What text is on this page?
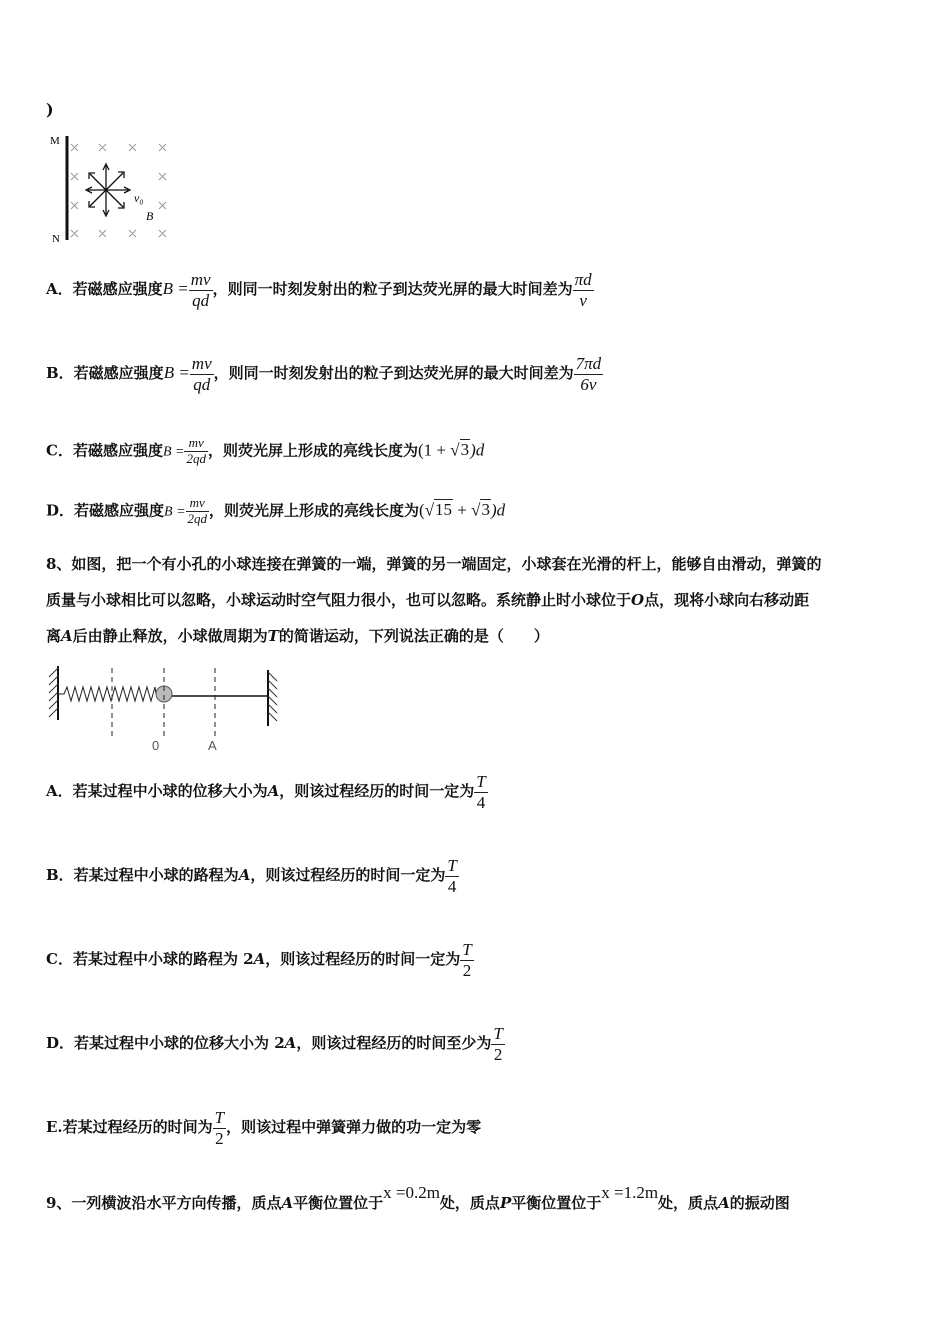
)
M
N
v₀
B
A．若磁感应强度$B = \frac{mv}{qd}$ ，则同一时刻发射出的粒子到达荧光屏的最大时间差为 $\frac{\pi d}{v}$
B．若磁感应强度$B = \frac{mv}{qd}$ ，则同一时刻发射出的粒子到达荧光屏的最大时间差为 $\frac{7\pi d}{6v}$
C．若磁感应强度$B = \frac{mv}{2qd}$ ，则荧光屏上形成的亮线长度为(1 + √3)d
D．若磁感应强度$B = \frac{mv}{2qd}$ ，则荧光屏上形成的亮线长度为(√15 + √3)d
8、如图，把一个有小孔的小球连接在弹簧的一端，弹簧的另一端固定，小球套在光滑的杆上，能够自由滑动，弹簧的
质量与小球相比可以忽略，小球运动时空气阻力很小，也可以忽略。系统静止时小球位于O点，现将小球向右移动距
离A后由静止释放，小球做周期为T的简谐运动，下列说法正确的是（　　）
0	A
A．若某过程中小球的位移大小为A，则该过程经历的时间一定为 $\frac{T}{4}$
B．若某过程中小球的路程为A，则该过程经历的时间一定为 $\frac{T}{4}$
C．若某过程中小球的路程为 2A，则该过程经历的时间一定为 $\frac{T}{2}$
D．若某过程中小球的位移大小为 2A，则该过程经历的时间至少为 $\frac{T}{2}$
E.若某过程经历的时间为 $\frac{T}{2}$ ，则该过程中弹簧弹力做的功一定为零
9、一列横波沿水平方向传播，质点A平衡位置位于x =0.2m处，质点P平衡位置位于x =1.2m处，质点A的振动图
